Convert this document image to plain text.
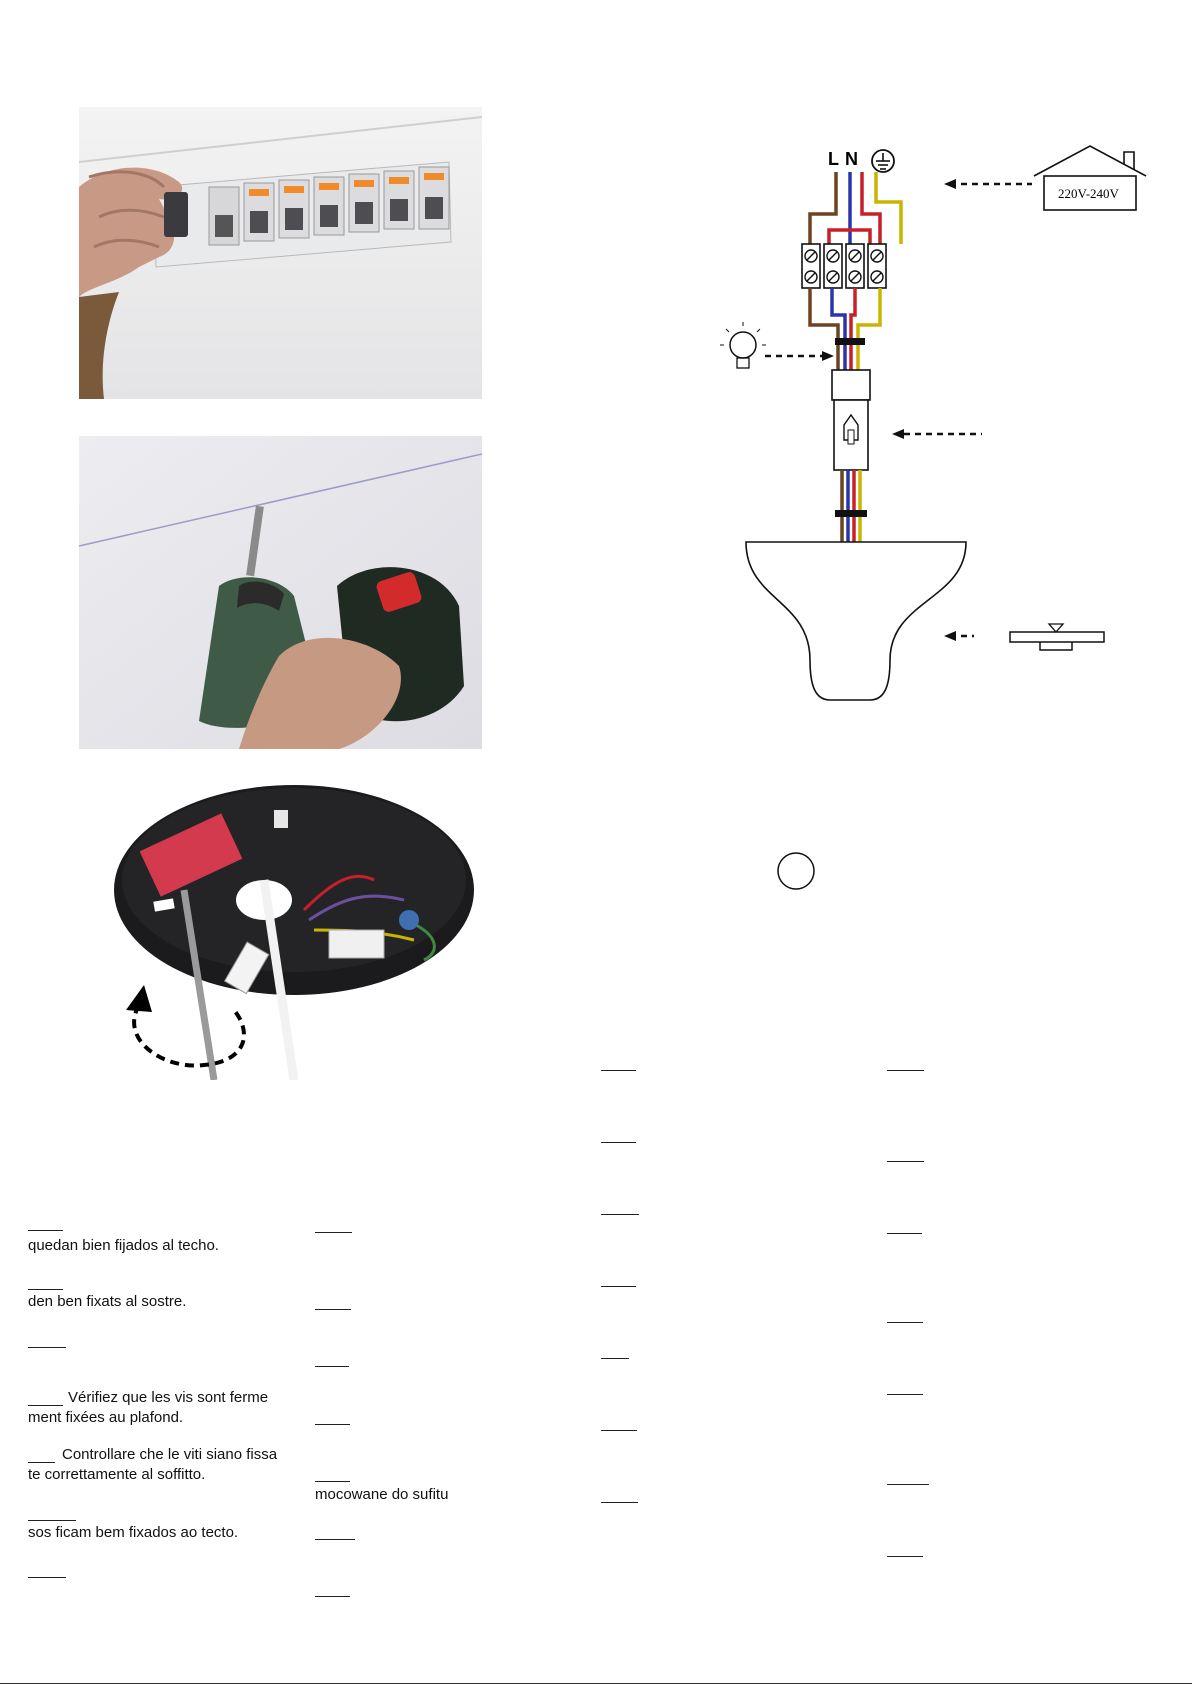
L N
220V-240V
quedan bien fijados al techo.
den ben fixats al sostre.
Vérifiez que les vis sont ferme
ment fixées au plafond.
Controllare che le viti siano fissa
te correttamente al soffitto.
sos ficam bem fixados ao tecto.
mocowane do sufitu
